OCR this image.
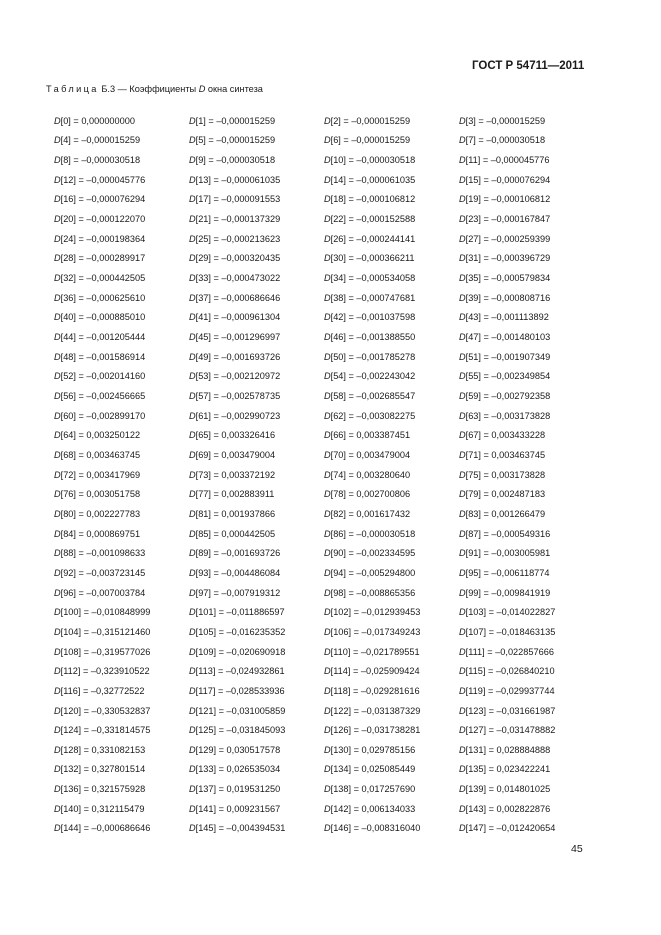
ГОСТ Р 54711—2011
Таблица Б.3 — Коэффициенты D окна синтеза
D[0] = 0,000000000	D[1] = –0,000015259	D[2] = –0,000015259	D[3] = –0,000015259
D[4] = –0,000015259	D[5] = –0,000015259	D[6] = –0,000015259	D[7] = –0,000030518
D[8] = –0,000030518	D[9] = –0,000030518	D[10] = –0,000030518	D[11] = –0,000045776
D[12] = –0,000045776	D[13] = –0,000061035	D[14] = –0,000061035	D[15] = –0,000076294
D[16] = –0,000076294	D[17] = –0,000091553	D[18] = –0,000106812	D[19] = –0,000106812
D[20] = –0,000122070	D[21] = –0,000137329	D[22] = –0,000152588	D[23] = –0,000167847
D[24] = –0,000198364	D[25] = –0,000213623	D[26] = –0,000244141	D[27] = –0,000259399
D[28] = –0,000289917	D[29] = –0,000320435	D[30] = –0,000366211	D[31] = –0,000396729
D[32] = –0,000442505	D[33] = –0,000473022	D[34] = –0,000534058	D[35] = –0,000579834
D[36] = –0,000625610	D[37] = –0,000686646	D[38] = –0,000747681	D[39] = –0,000808716
D[40] = –0,000885010	D[41] = –0,000961304	D[42] = –0,001037598	D[43] = –0,001113892
D[44] = –0,001205444	D[45] = –0,001296997	D[46] = –0,001388550	D[47] = –0,001480103
D[48] = –0,001586914	D[49] = –0,001693726	D[50] = –0,001785278	D[51] = –0,001907349
D[52] = –0,002014160	D[53] = –0,002120972	D[54] = –0,002243042	D[55] = –0,002349854
D[56] = –0,002456665	D[57] = –0,002578735	D[58] = –0,002685547	D[59] = –0,002792358
D[60] = –0,002899170	D[61] = –0,002990723	D[62] = –0,003082275	D[63] = –0,003173828
D[64] = 0,003250122	D[65] = 0,003326416	D[66] = 0,003387451	D[67] = 0,003433228
D[68] = 0,003463745	D[69] = 0,003479004	D[70] = 0,003479004	D[71] = 0,003463745
D[72] = 0,003417969	D[73] = 0,003372192	D[74] = 0,003280640	D[75] = 0,003173828
D[76] = 0,003051758	D[77] = 0,002883911	D[78] = 0,002700806	D[79] = 0,002487183
D[80] = 0,002227783	D[81] = 0,001937866	D[82] = 0,001617432	D[83] = 0,001266479
D[84] = 0,000869751	D[85] = 0,000442505	D[86] = –0,000030518	D[87] = –0,000549316
D[88] = –0,001098633	D[89] = –0,001693726	D[90] = –0,002334595	D[91] = –0,003005981
D[92] = –0,003723145	D[93] = –0,004486084	D[94] = –0,005294800	D[95] = –0,006118774
D[96] = –0,007003784	D[97] = –0,007919312	D[98] = –0,008865356	D[99] = –0,009841919
D[100] = –0,010848999	D[101] = –0,011886597	D[102] = –0,012939453	D[103] = –0,014022827
D[104] = –0,315121460	D[105] = –0,016235352	D[106] = –0,017349243	D[107] = –0,018463135
D[108] = –0,319577026	D[109] = –0,020690918	D[110] = –0,021789551	D[111] = –0,022857666
D[112] = –0,323910522	D[113] = –0,024932861	D[114] = –0,025909424	D[115] = –0,026840210
D[116] = –0,32772522	D[117] = –0,028533936	D[118] = –0,029281616	D[119] = –0,029937744
D[120] = –0,330532837	D[121] = –0,031005859	D[122] = –0,031387329	D[123] = –0,031661987
D[124] = –0,331814575	D[125] = –0,031845093	D[126] = –0,031738281	D[127] = –0,031478882
D[128] = 0,331082153	D[129] = 0,030517578	D[130] = 0,029785156	D[131] = 0,028884888
D[132] = 0,327801514	D[133] = 0,026535034	D[134] = 0,025085449	D[135] = 0,023422241
D[136] = 0,321575928	D[137] = 0,019531250	D[138] = 0,017257690	D[139] = 0,014801025
D[140] = 0,312115479	D[141] = 0,009231567	D[142] = 0,006134033	D[143] = 0,002822876
D[144] = –0,000686646	D[145] = –0,004394531	D[146] = –0,008316040	D[147] = –0,012420654
45
